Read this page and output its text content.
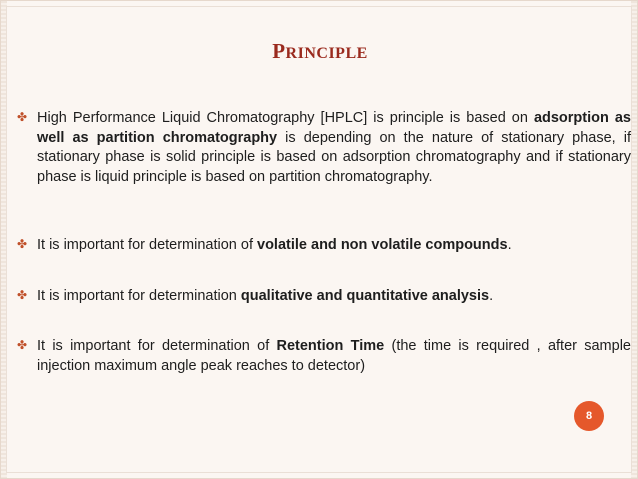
PRINCIPLE
✤ High Performance Liquid Chromatography [HPLC] is principle is based on adsorption as well as partition chromatography is depending on the nature of stationary phase, if stationary phase is solid principle is based on adsorption chromatography and if stationary phase is liquid principle is based on partition chromatography.
✤ It is important for determination of volatile and non volatile compounds.
✤ It is important for determination qualitative and quantitative analysis.
✤ It is important for determination of Retention Time (the time is required , after sample injection maximum angle peak reaches to detector)
8
